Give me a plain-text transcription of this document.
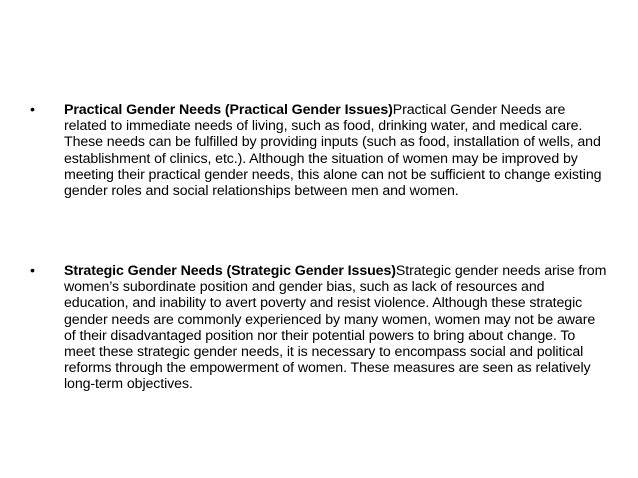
•	Practical Gender Needs (Practical Gender Issues)Practical Gender Needs are related to immediate needs of living, such as food, drinking water, and medical care. These needs can be fulfilled by providing inputs (such as food, installation of wells, and establishment of clinics, etc.). Although the situation of women may be improved by meeting their practical gender needs, this alone can not be sufficient to change existing gender roles and social relationships between men and women.
•	Strategic Gender Needs (Strategic Gender Issues)Strategic gender needs arise from women’s subordinate position and gender bias, such as lack of resources and education, and inability to avert poverty and resist violence. Although these strategic gender needs are commonly experienced by many women, women may not be aware of their disadvantaged position nor their potential powers to bring about change. To meet these strategic gender needs, it is necessary to encompass social and political reforms through the empowerment of women. These measures are seen as relatively long-term objectives.
